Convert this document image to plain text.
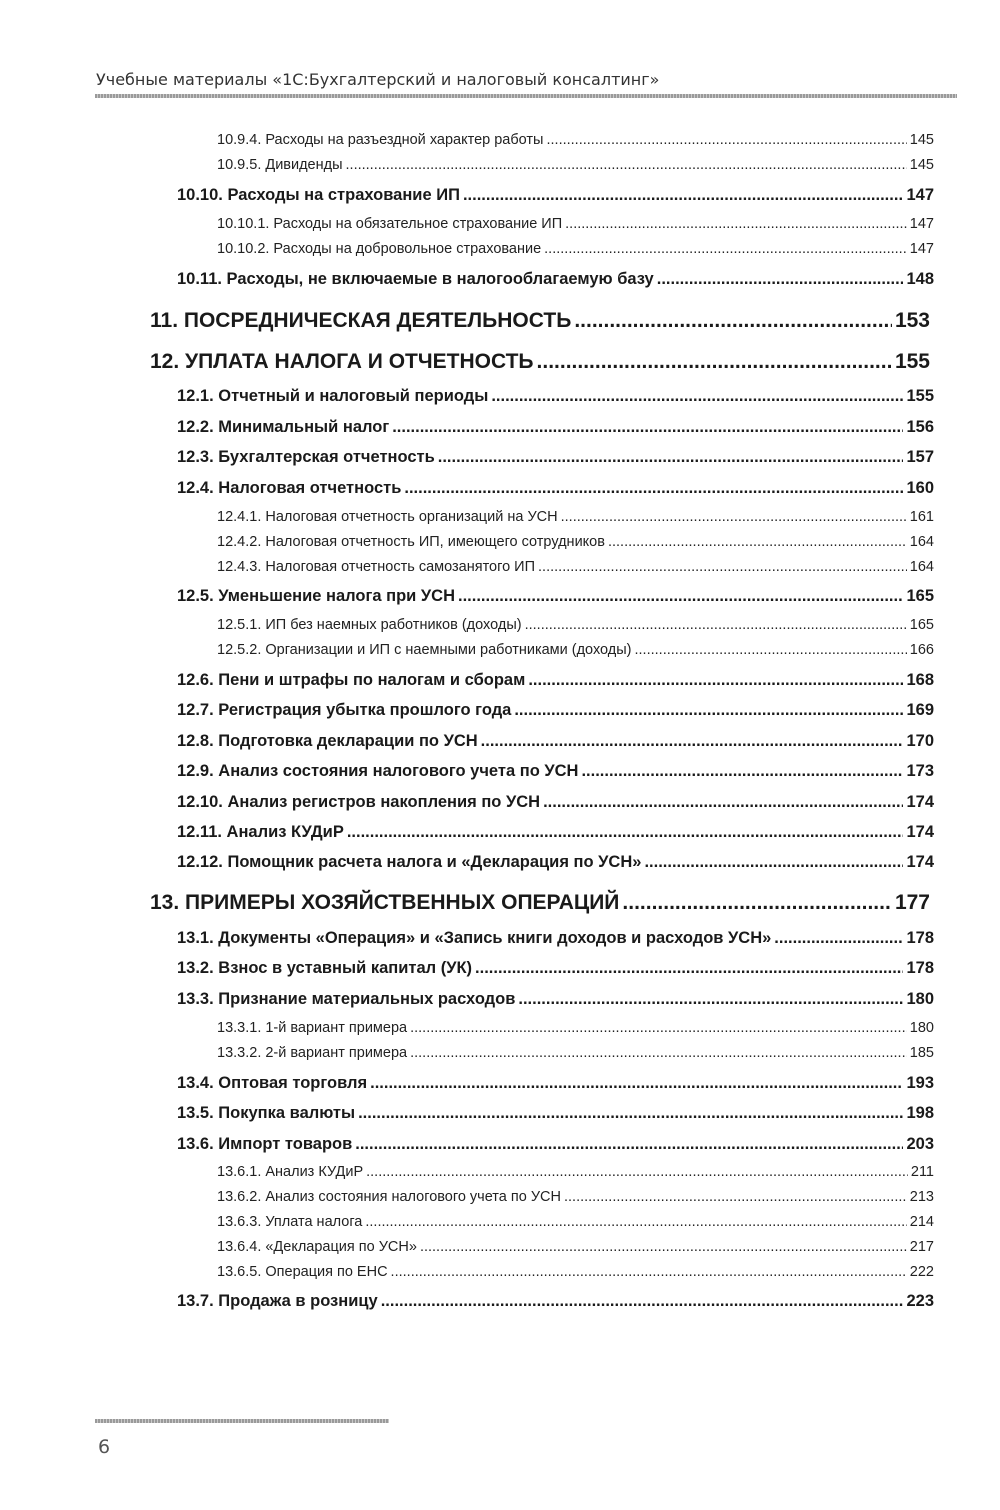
Учебные материалы «1С:Бухгалтерский и налоговый консалтинг»
10.9.4. Расходы на разъездной характер работы .....	145
10.9.5. Дивиденды .....	145
10.10. Расходы на страхование ИП .....	147
10.10.1. Расходы на обязательное страхование ИП .....	147
10.10.2. Расходы на добровольное страхование .....	147
10.11. Расходы, не включаемые в налогооблагаемую базу .....	148
11. ПОСРЕДНИЧЕСКАЯ ДЕЯТЕЛЬНОСТЬ .....	153
12. УПЛАТА НАЛОГА И ОТЧЕТНОСТЬ .....	155
12.1. Отчетный и налоговый периоды .....	155
12.2. Минимальный налог .....	156
12.3. Бухгалтерская отчетность .....	157
12.4. Налоговая отчетность .....	160
12.4.1. Налоговая отчетность организаций на УСН .....	161
12.4.2. Налоговая отчетность ИП, имеющего сотрудников .....	164
12.4.3. Налоговая отчетность самозанятого ИП .....	164
12.5. Уменьшение налога при УСН .....	165
12.5.1. ИП без наемных работников (доходы) .....	165
12.5.2. Организации и ИП с наемными работниками (доходы) .....	166
12.6. Пени и штрафы по налогам и сборам .....	168
12.7. Регистрация убытка прошлого года .....	169
12.8. Подготовка декларации по УСН .....	170
12.9. Анализ состояния налогового учета по УСН .....	173
12.10. Анализ регистров накопления по УСН .....	174
12.11. Анализ КУДиР .....	174
12.12. Помощник расчета налога и «Декларация по УСН» .....	174
13. ПРИМЕРЫ ХОЗЯЙСТВЕННЫХ ОПЕРАЦИЙ .....	177
13.1. Документы «Операция» и «Запись книги доходов и расходов УСН» .....	178
13.2. Взнос в уставный капитал (УК) .....	178
13.3. Признание материальных расходов .....	180
13.3.1. 1-й вариант примера .....	180
13.3.2. 2-й вариант примера .....	185
13.4. Оптовая торговля .....	193
13.5. Покупка валюты .....	198
13.6. Импорт товаров .....	203
13.6.1. Анализ КУДиР .....	211
13.6.2. Анализ состояния налогового учета по УСН .....	213
13.6.3. Уплата налога .....	214
13.6.4. «Декларация по УСН» .....	217
13.6.5. Операция по ЕНС .....	222
13.7. Продажа в розницу .....	223
6
